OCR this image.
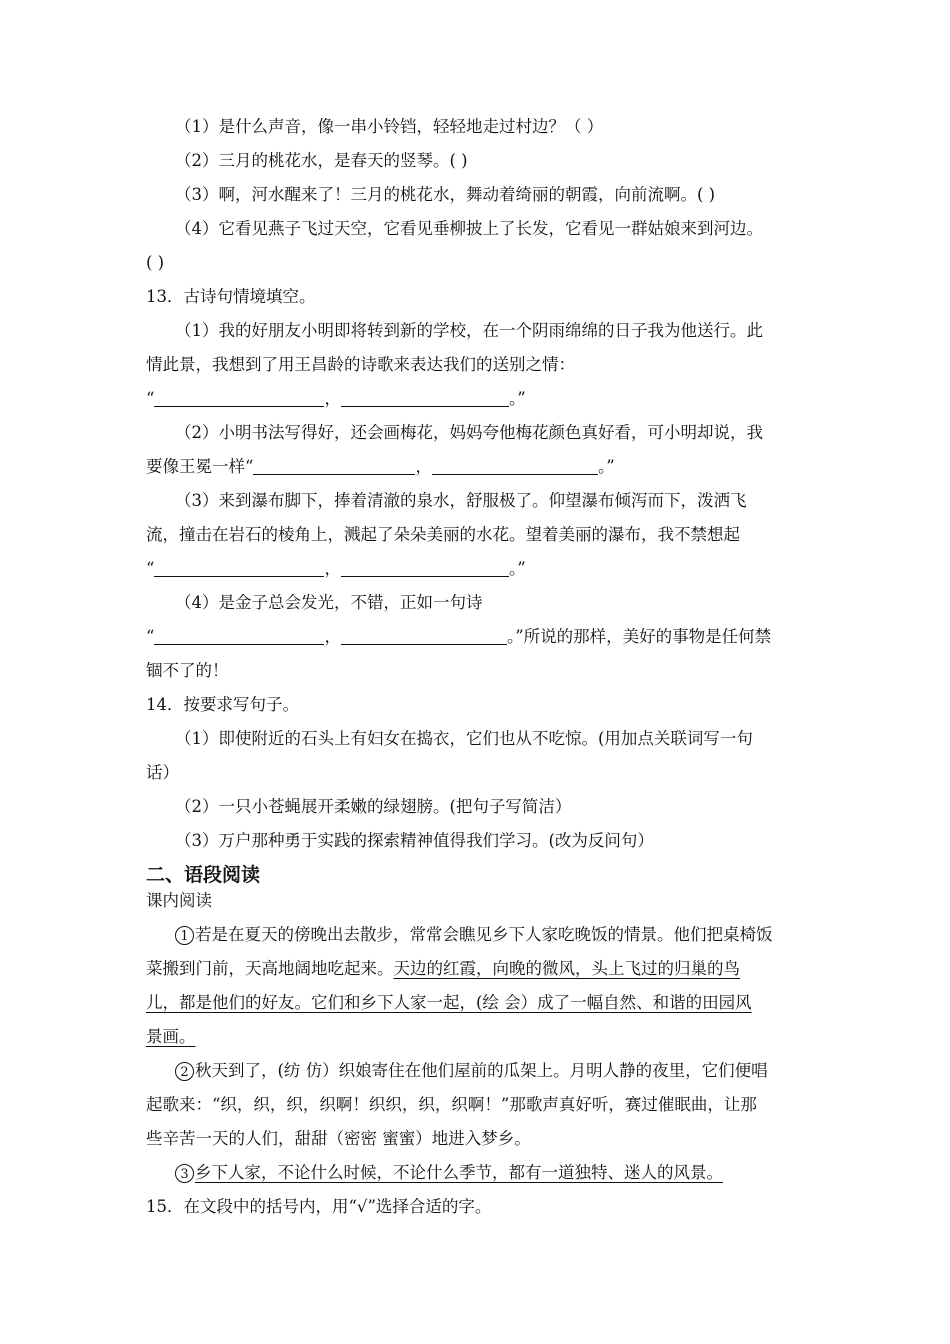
（1）是什么声音，像一串小铃铛，轻轻地走过村边？（ ）
（2）三月的桃花水，是春天的竖琴。( )
（3）啊，河水醒来了！三月的桃花水，舞动着绮丽的朝霞，向前流啊。( )
（4）它看见燕子飞过天空，它看见垂柳披上了长发，它看见一群姑娘来到河边。
( )
13．古诗句情境填空。
（1）我的好朋友小明即将转到新的学校，在一个阴雨绵绵的日子我为他送行。此
情此景，我想到了用王昌龄的诗歌来表达我们的送别之情：
“	，	。”
（2）小明书法写得好，还会画梅花，妈妈夸他梅花颜色真好看，可小明却说，我
要像王冕一样“	，	。”
（3）来到瀑布脚下，捧着清澈的泉水，舒服极了。仰望瀑布倾泻而下，泼洒飞
流，撞击在岩石的棱角上，溅起了朵朵美丽的水花。望着美丽的瀑布，我不禁想起
“	，	。”
（4）是金子总会发光，不错，正如一句诗
“	，	。”所说的那样，美好的事物是任何禁
锢不了的！
14．按要求写句子。
（1）即使附近的石头上有妇女在捣衣，它们也从不吃惊。(用加点关联词写一句
话）
（2）一只小苍蝇展开柔嫩的绿翅膀。(把句子写简洁）
（3）万户那种勇于实践的探索精神值得我们学习。(改为反问句）
二、语段阅读
课内阅读
1 若是在夏天的傍晚出去散步，常常会瞧见乡下人家吃晚饭的情景。他们把桌椅饭
菜搬到门前，天高地阔地吃起来。天边的红霞，向晚的微风，头上飞过的归巢的鸟
儿，都是他们的好友。它们和乡下人家一起，(绘 会）成了一幅自然、和谐的田园风
景画。
2 秋天到了，(纺 仿）织娘寄住在他们屋前的瓜架上。月明人静的夜里，它们便唱
起歌来：“织，织，织，织啊！织织，织，织啊！”那歌声真好听，赛过催眠曲，让那
些辛苦一天的人们，甜甜（密密 蜜蜜）地进入梦乡。
3 乡下人家，不论什么时候，不论什么季节，都有一道独特、迷人的风景。
15．在文段中的括号内，用“√”选择合适的字。
